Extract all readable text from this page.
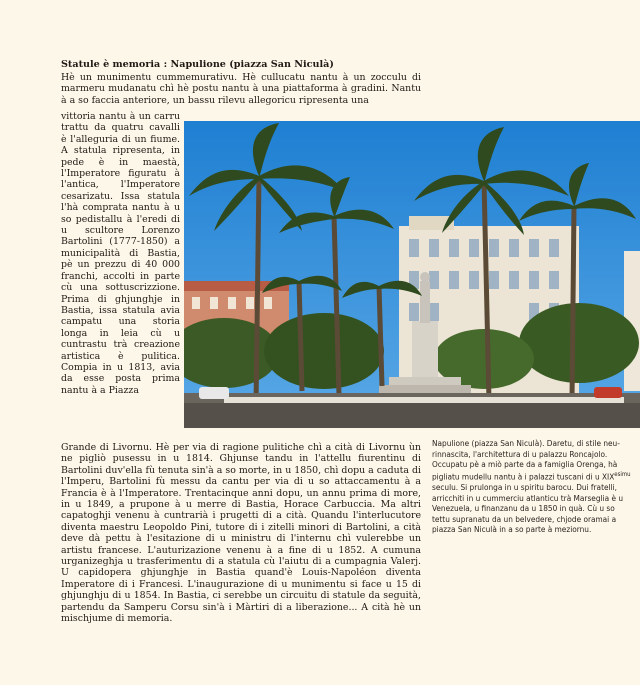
Statule è memoria : Napulione (piazza San Niculà)
Hè un munimentu cummemurativu. Hè cullucatu nantu à un zocculu di marmeru mudanatu chì hè postu nantu à una piattaforma à gradini. Nantu à a so faccia anteriore, un bassu rilevu allegoricu ripresenta una
vittoria nantu à un carru trattu da quatru cavalli è l'alleguria di un fiume. A statula ripresenta, in pede è in maestà, l'Imperatore figuratu à l'antica, l'Imperatore cesarizatu. Issa statula l'hà comprata nantu à u so pedistallu à l'eredi di u scultore Lorenzo Bartolini (1777-1850) a municipalità di Bastia, pè un prezzu di 40 000 franchi, accolti in parte cù una sottuscrizzione. Prima di ghjunghje in Bastia, issa statula avia campatu una storia longa in leia cù u cuntrastu trà creazione artistica è pulitica. Compia in u 1813, avia da esse posta prima nantu à a Piazza
Grande di Livornu. Hè per via di ragione pulitiche chì a cità di Livornu ùn ne pigliò pusessu in u 1814. Ghjunse tandu in l'attellu fiurentinu di Bartolini duv'ella fù tenuta sin'à a so morte, in u 1850, chì dopu a caduta di l'Imperu, Bartolini fù messu da cantu per via di u so attaccamentu à a Francia è à l'Imperatore. Trentacinque anni dopu, un annu prima di more, in u 1849, a prupone à u merre di Bastia, Horace Carbuccia. Ma altri capatoghji venenu à cuntrarià i prugetti di a cità. Quandu l'interlucutore diventa maestru Leopoldo Pini, tutore di i zitelli minori di Bartolini, a cità deve dà pettu à l'esitazione di u ministru di l'internu chì vulerebbe un artistu francese. L'auturizazione venenu à a fine di u 1852. A cumuna urganizeghja u trasferimentu di a statula cù l'aiutu di a cumpagnia Valerj. U capidopera ghjunghje in Bastia quand'è Louis-Napoléon diventa Imperatore di i Francesi. L'inaugurazione di u munimentu si face u 15 di ghjunghju di u 1854. In Bastia, ci serebbe un circuitu di statule da seguità, partendu da Samperu Corsu sin'à i Màrtiri di a liberazione... A cità hè un mischjume di memoria.

Napulione (piazza San Niculà). Daretu, di stile neu-rinnascita, l'architettura di u palazzu Roncajolo.

Occupatu pè a miò parte da a famiglia Orenga, hà pigliatu mudellu nantu à i palazzi tuscani di u $XIX^{esimu}$ seculu. Si prulonga in u spiritu barocu. Dui fratelli, arricchiti in u cummerciu atlanticu trà Marseglia è u Venezuela, u finanzanu da u 1850 in quà. Cù u so tettu supranatu da un belvedere, chjode oramai a piazza San Niculà in a so parte à meziornu.
